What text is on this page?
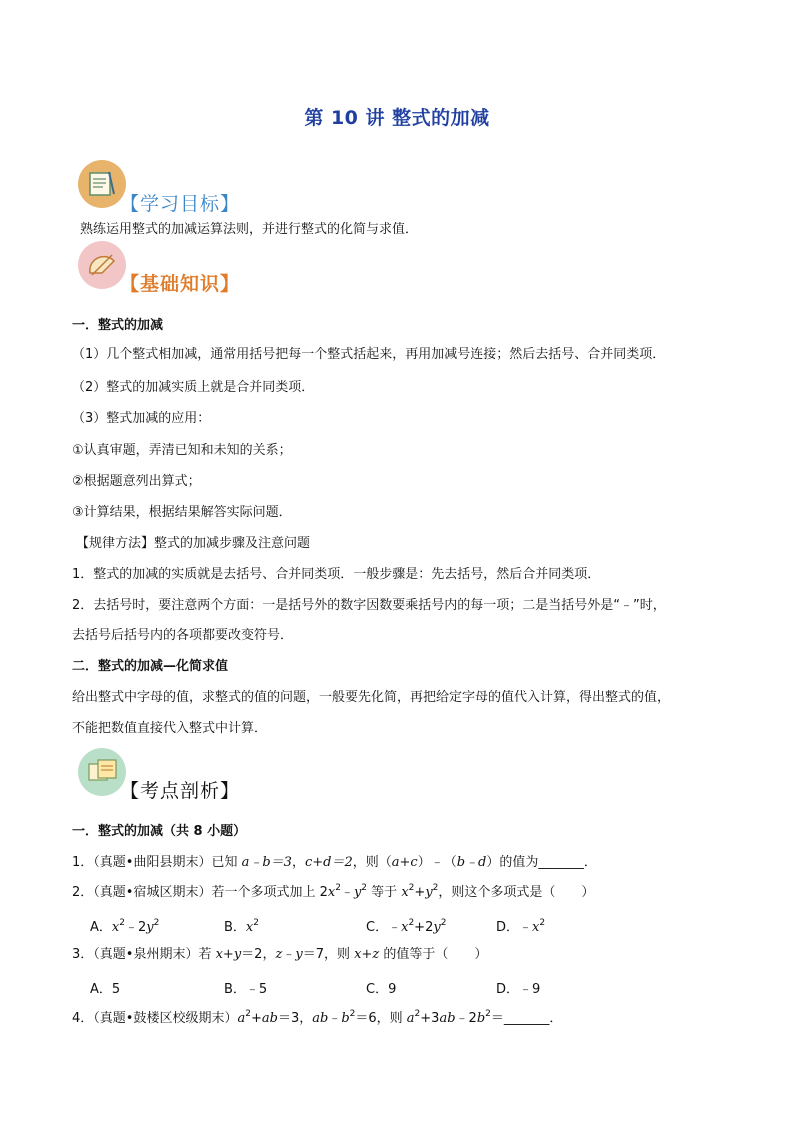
第 10 讲 整式的加减
【学习目标】
熟练运用整式的加减运算法则，并进行整式的化简与求值．
【基础知识】
一．整式的加减
（1）几个整式相加减，通常用括号把每一个整式括起来，再用加减号连接；然后去括号、合并同类项．
（2）整式的加减实质上就是合并同类项．
（3）整式加减的应用：
①认真审题，弄清已知和未知的关系；
②根据题意列出算式；
③计算结果，根据结果解答实际问题．
【规律方法】整式的加减步骤及注意问题
1．整式的加减的实质就是去括号、合并同类项．一般步骤是：先去括号，然后合并同类项．
2．去括号时，要注意两个方面：一是括号外的数字因数要乘括号内的每一项；二是当括号外是“﹣”时，
去括号后括号内的各项都要改变符号．
二．整式的加减—化简求值
给出整式中字母的值，求整式的值的问题，一般要先化简，再把给定字母的值代入计算，得出整式的值，
不能把数值直接代入整式中计算．
【考点剖析】
一．整式的加减（共 8 小题）
1．（真题•曲阳县期末）已知 a﹣b＝3，c+d＝2，则（a+c）﹣（b﹣d）的值为_______．
2．（真题•宿城区期末）若一个多项式加上 $2x^2﹣y^2$ 等于 $x^2+y^2$，则这个多项式是（　　）
A．$x^2﹣2y^2$	B．$x^2$	C．$﹣x^2+2y^2$	D．$﹣x^2$
3．（真题•泉州期末）若 x+y＝2，z﹣y＝7，则 x+z 的值等于（　　）
A．5	B．﹣5	C．9	D．﹣9
4．（真题•鼓楼区校级期末）$a^2+ab=3$，$ab﹣b^2=6$，则 $a^2+3ab﹣2b^2=\_\_\_\_\_\_\_$．
